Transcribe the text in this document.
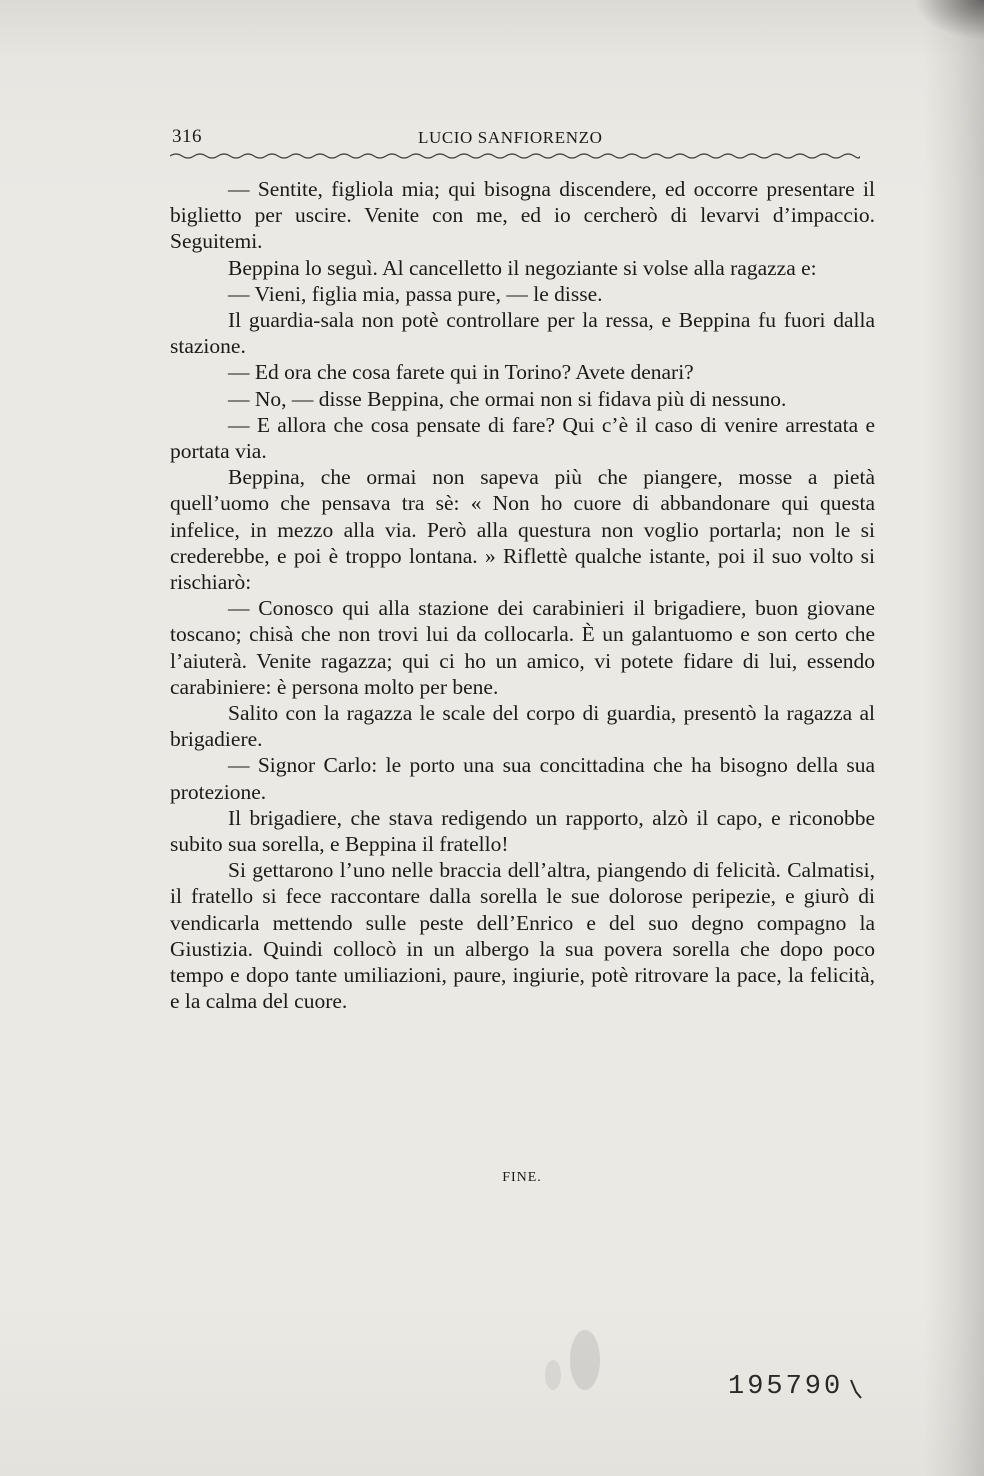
316	LUCIO SANFIORENZO

— Sentite, figliola mia; qui bisogna discendere, ed occorre presentare il biglietto per uscire. Venite con me, ed io cercherò di levarvi d’impaccio. Seguitemi.

Beppina lo seguì. Al cancelletto il negoziante si volse alla ragazza e:

— Vieni, figlia mia, passa pure, — le disse.

Il guardia-sala non potè controllare per la ressa, e Beppina fu fuori dalla stazione.

— Ed ora che cosa farete qui in Torino? Avete denari?

— No, — disse Beppina, che ormai non si fidava più di nessuno.

— E allora che cosa pensate di fare? Qui c’è il caso di venire arrestata e portata via.

Beppina, che ormai non sapeva più che piangere, mosse a pietà quell’uomo che pensava tra sè: « Non ho cuore di abbandonare qui questa infelice, in mezzo alla via. Però alla questura non voglio portarla; non le si crederebbe, e poi è troppo lontana. » Riflettè qualche istante, poi il suo volto si rischiarò:

— Conosco qui alla stazione dei carabinieri il brigadiere, buon giovane toscano; chisà che non trovi lui da collocarla. È un galantuomo e son certo che l’aiuterà. Venite ragazza; qui ci ho un amico, vi potete fidare di lui, essendo carabiniere: è persona molto per bene.

Salito con la ragazza le scale del corpo di guardia, presentò la ragazza al brigadiere.

— Signor Carlo: le porto una sua concittadina che ha bisogno della sua protezione.

Il brigadiere, che stava redigendo un rapporto, alzò il capo, e riconobbe subito sua sorella, e Beppina il fratello!

Si gettarono l’uno nelle braccia dell’altra, piangendo di felicità. Calmatisi, il fratello si fece raccontare dalla sorella le sue dolorose peripezie, e giurò di vendicarla mettendo sulle peste dell’Enrico e del suo degno compagno la Giustizia. Quindi collocò in un albergo la sua povera sorella che dopo poco tempo e dopo tante umiliazioni, paure, ingiurie, potè ritrovare la pace, la felicità, e la calma del cuore.

FINE.
195790
